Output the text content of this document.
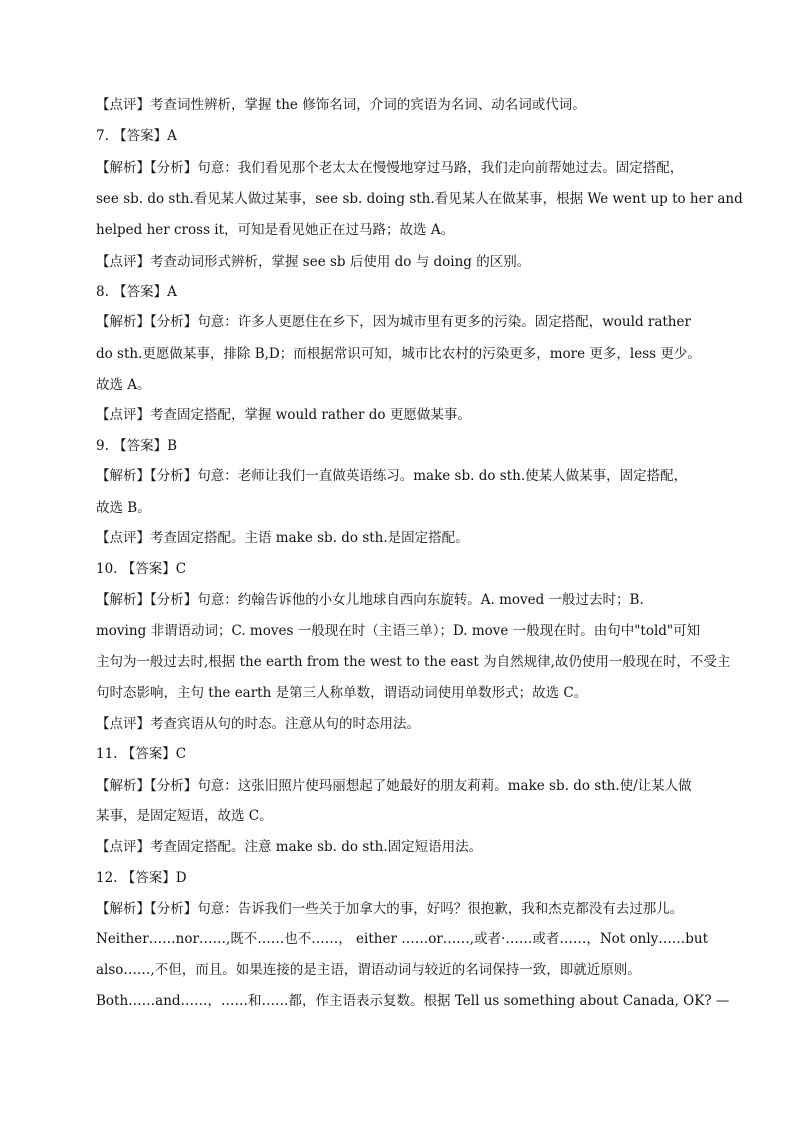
【点评】考查词性辨析，掌握 the 修饰名词，介词的宾语为名词、动名词或代词。
7. 【答案】A
【解析】【分析】句意：我们看见那个老太太在慢慢地穿过马路，我们走向前帮她过去。固定搭配，
see sb. do sth.看见某人做过某事，see sb. doing sth.看见某人在做某事，根据 We went up to her and
helped her cross it，可知是看见她正在过马路；故选 A。
【点评】考查动词形式辨析，掌握 see sb 后使用 do 与 doing 的区别。
8. 【答案】A
【解析】【分析】句意：许多人更愿住在乡下，因为城市里有更多的污染。固定搭配，would rather
do sth.更愿做某事，排除 B,D；而根据常识可知，城市比农村的污染更多，more 更多，less 更少。
故选 A。
【点评】考查固定搭配，掌握 would rather do 更愿做某事。
9. 【答案】B
【解析】【分析】句意：老师让我们一直做英语练习。make sb. do sth.使某人做某事，固定搭配，
故选 B。
【点评】考查固定搭配。主语 make sb. do sth.是固定搭配。
10. 【答案】C
【解析】【分析】句意：约翰告诉他的小女儿地球自西向东旋转。A. moved 一般过去时；B.
moving 非谓语动词；C. moves 一般现在时（主语三单）；D. move 一般现在时。由句中"told"可知
主句为一般过去时,根据 the earth from the west to the east 为自然规律,故仍使用一般现在时，不受主
句时态影响，主句 the earth 是第三人称单数，谓语动词使用单数形式；故选 C。
【点评】考查宾语从句的时态。注意从句的时态用法。
11. 【答案】C
【解析】【分析】句意：这张旧照片使玛丽想起了她最好的朋友莉莉。make sb. do sth.使/让某人做
某事，是固定短语，故选 C。
【点评】考查固定搭配。注意 make sb. do sth.固定短语用法。
12. 【答案】D
【解析】【分析】句意：告诉我们一些关于加拿大的事，好吗？很抱歉，我和杰克都没有去过那儿。
Neither……nor……,既不……也不……， either ……or……,或者·……或者……，Not only……but
also……,不但，而且。如果连接的是主语，谓语动词与较近的名词保持一致，即就近原则。
Both……and……，……和……都，作主语表示复数。根据 Tell us something about Canada, OK? —
